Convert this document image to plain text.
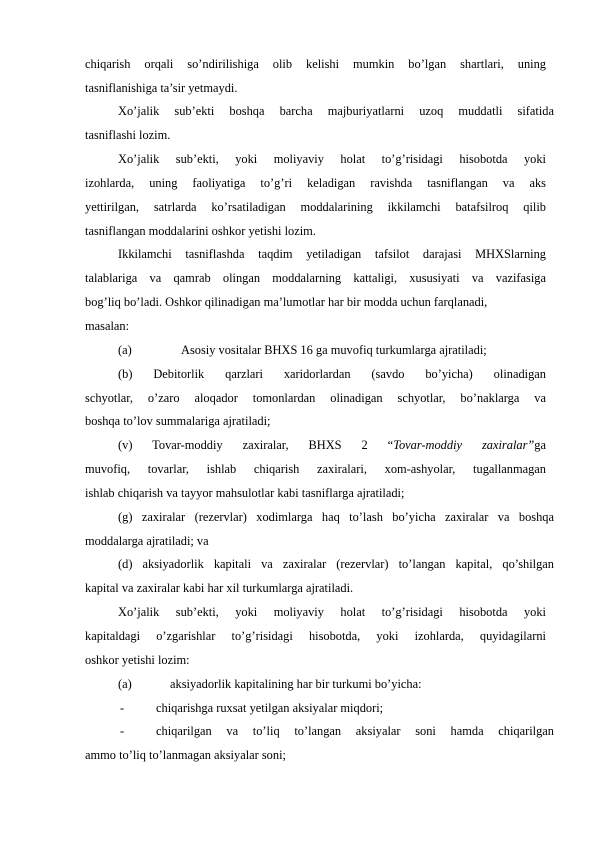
chiqarish orqali so’ndirilishiga olib kelishi mumkin bo’lgan shartlari, uning
tasniflanishiga ta’sir yetmaydi.
Xo’jalik sub’ekti boshqa barcha majburiyatlarni uzoq muddatli sifatida
tasniflashi lozim.
Xo’jalik sub’ekti, yoki moliyaviy holat to’g’risidagi hisobotda yoki
izohlarda, uning faoliyatiga to’g’ri keladigan ravishda tasniflangan va aks
yettirilgan, satrlarda ko’rsatiladigan moddalarining ikkilamchi batafsilroq qilib
tasniflangan moddalarini oshkor yetishi lozim.
Ikkilamchi tasniflashda taqdim yetiladigan tafsilot darajasi MHXSlarning
talablariga va qamrab olingan moddalarning kattaligi, xususiyati va vazifasiga
bog’liq bo’ladi. Oshkor qilinadigan ma’lumotlar har bir modda uchun farqlanadi,
masalan:
(a)	Asosiy vositalar BHXS 16 ga muvofiq turkumlarga ajratiladi;
(b) Debitorlik qarzlari xaridorlardan (savdo bo’yicha) olinadigan
schyotlar, o’zaro aloqador tomonlardan olinadigan schyotlar, bo’naklarga va
boshqa to’lov summalariga ajratiladi;
(v) Tovar-moddiy zaxiralar, BHXS 2 “Tovar-moddiy zaxiralar”ga
muvofiq, tovarlar, ishlab chiqarish zaxiralari, xom-ashyolar, tugallanmagan
ishlab chiqarish va tayyor mahsulotlar kabi tasniflarga ajratiladi;
(g) zaxiralar (rezervlar) xodimlarga haq to’lash bo’yicha zaxiralar va boshqa
moddalarga ajratiladi; va
(d) aksiyadorlik kapitali va zaxiralar (rezervlar) to’langan kapital, qo’shilgan
kapital va zaxiralar kabi har xil turkumlarga ajratiladi.
Xo’jalik sub’ekti, yoki moliyaviy holat to’g’risidagi hisobotda yoki
kapitaldagi o’zgarishlar to’g’risidagi hisobotda, yoki izohlarda, quyidagilarni
oshkor yetishi lozim:
(a)	aksiyadorlik kapitalining har bir turkumi bo’yicha:
-	chiqarishga ruxsat yetilgan aksiyalar miqdori;
-	chiqarilgan va to’liq to’langan aksiyalar soni hamda chiqarilgan
ammo to’liq to’lanmagan aksiyalar soni;
